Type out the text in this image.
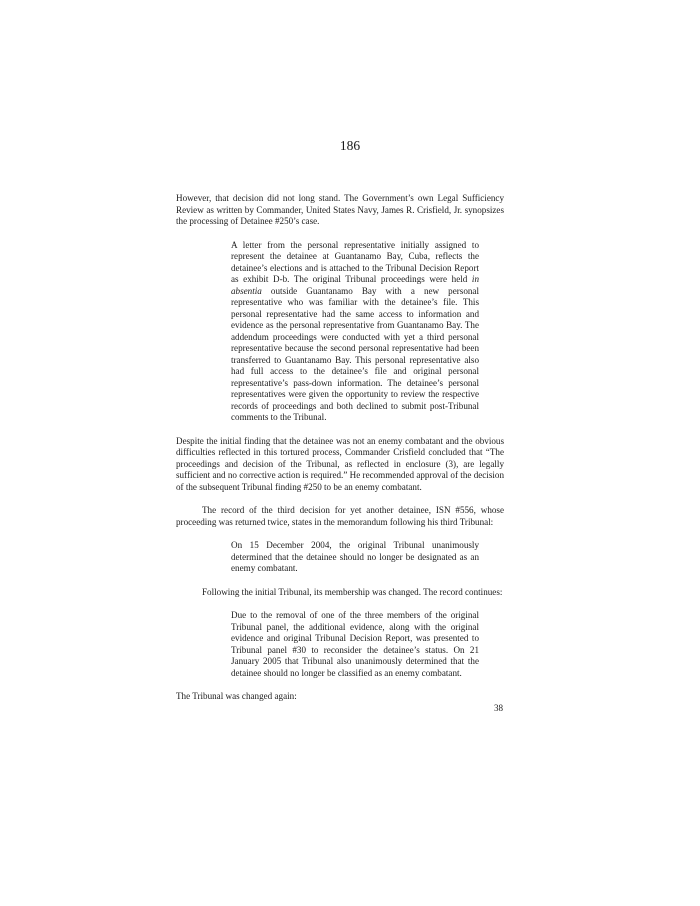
186

However, that decision did not long stand. The Government’s own Legal Sufficiency Review as written by Commander, United States Navy, James R. Crisfield, Jr. synopsizes the processing of Detainee #250’s case.

A letter from the personal representative initially assigned to represent the detainee at Guantanamo Bay, Cuba, reflects the detainee’s elections and is attached to the Tribunal Decision Report as exhibit D-b. The original Tribunal proceedings were held in absentia outside Guantanamo Bay with a new personal representative who was familiar with the detainee’s file. This personal representative had the same access to information and evidence as the personal representative from Guantanamo Bay. The addendum proceedings were conducted with yet a third personal representative because the second personal representative had been transferred to Guantanamo Bay. This personal representative also had full access to the detainee’s file and original personal representative’s pass-down information. The detainee’s personal representatives were given the opportunity to review the respective records of proceedings and both declined to submit post-Tribunal comments to the Tribunal.

Despite the initial finding that the detainee was not an enemy combatant and the obvious difficulties reflected in this tortured process, Commander Crisfield concluded that “The proceedings and decision of the Tribunal, as reflected in enclosure (3), are legally sufficient and no corrective action is required.” He recommended approval of the decision of the subsequent Tribunal finding #250 to be an enemy combatant.

The record of the third decision for yet another detainee, ISN #556, whose proceeding was returned twice, states in the memorandum following his third Tribunal:

On 15 December 2004, the original Tribunal unanimously determined that the detainee should no longer be designated as an enemy combatant.

Following the initial Tribunal, its membership was changed. The record continues:

Due to the removal of one of the three members of the original Tribunal panel, the additional evidence, along with the original evidence and original Tribunal Decision Report, was presented to Tribunal panel #30 to reconsider the detainee’s status. On 21 January 2005 that Tribunal also unanimously determined that the detainee should no longer be classified as an enemy combatant.

The Tribunal was changed again:

38
